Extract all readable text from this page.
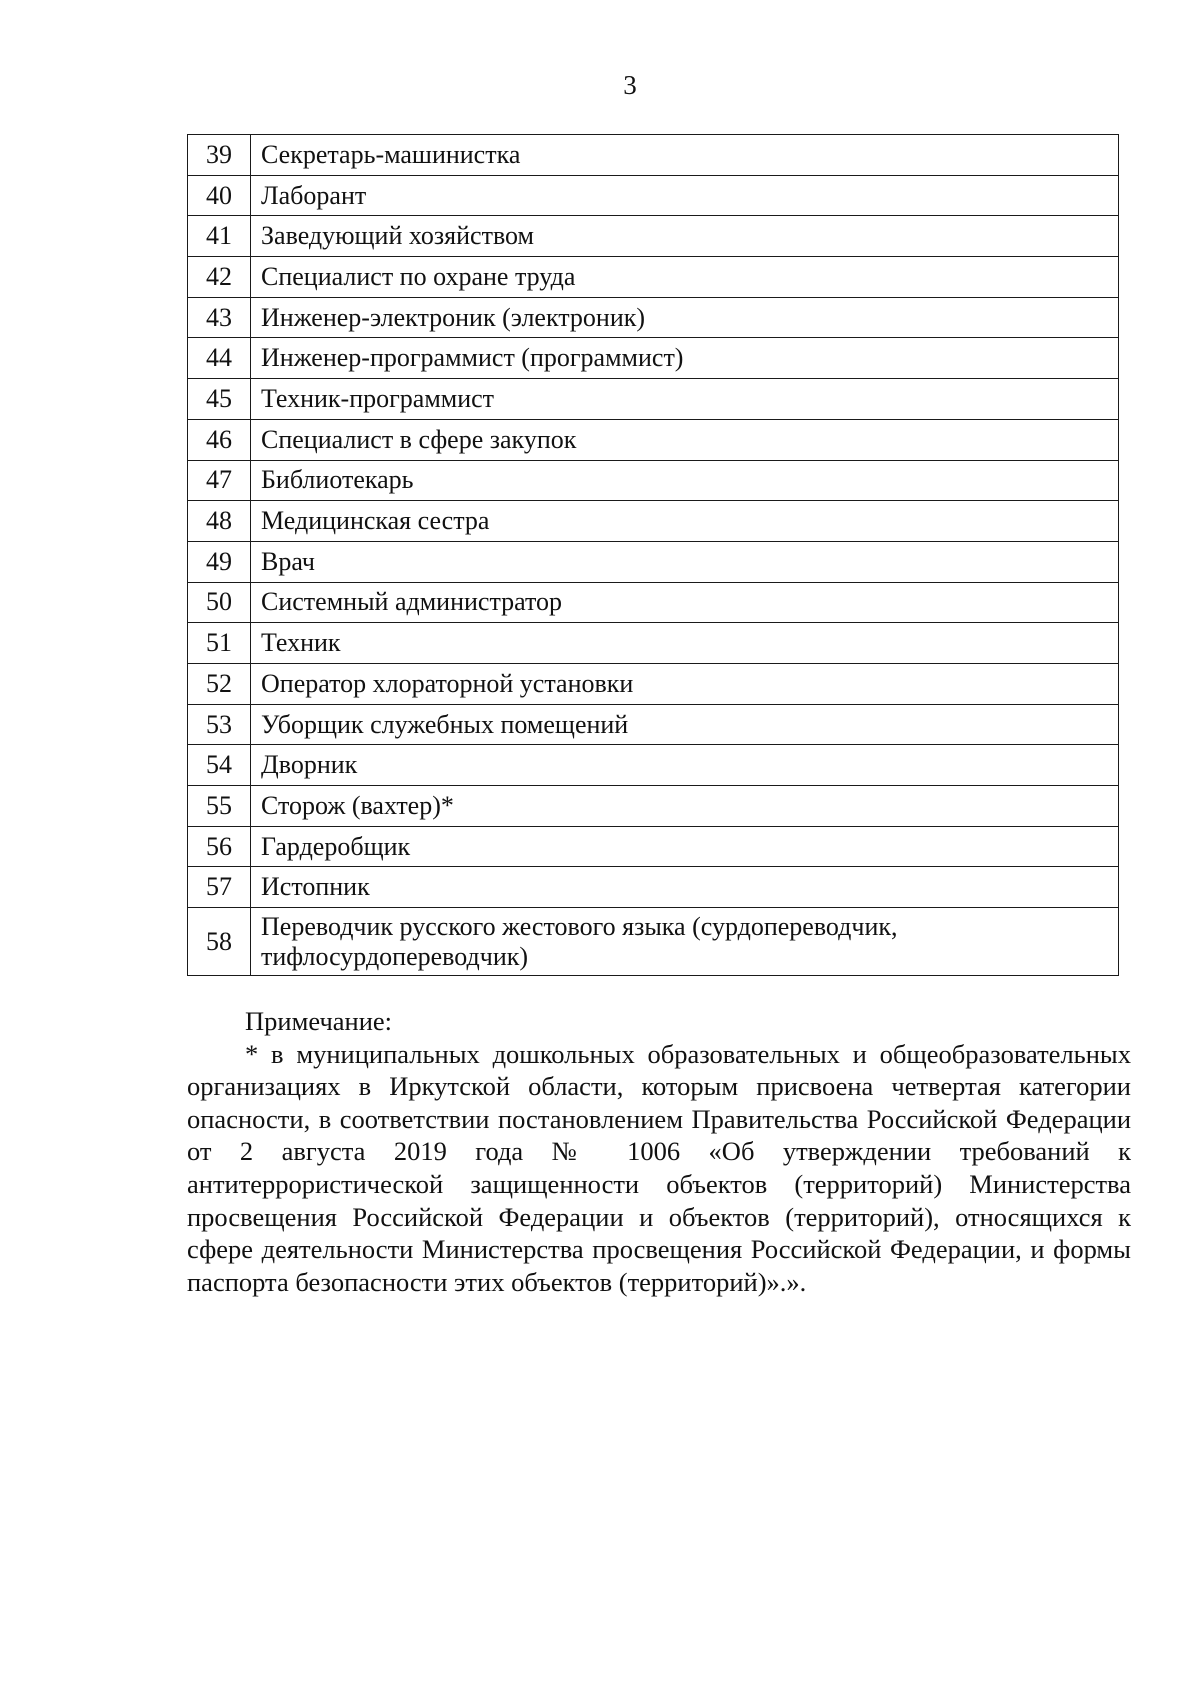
3
39	Секретарь-машинистка
40	Лаборант
41	Заведующий хозяйством
42	Специалист по охране труда
43	Инженер-электроник (электроник)
44	Инженер-программист (программист)
45	Техник-программист
46	Специалист в сфере закупок
47	Библиотекарь
48	Медицинская сестра
49	Врач
50	Системный администратор
51	Техник
52	Оператор хлораторной установки
53	Уборщик служебных помещений
54	Дворник
55	Сторож (вахтер)*
56	Гардеробщик
57	Истопник
58	Переводчик русского жестового языка (сурдопереводчик, тифлосурдопереводчик)
Примечание:

* в муниципальных дошкольных образовательных и общеобразовательных организациях в Иркутской области, которым присвоена четвертая категории опасности, в соответствии постановлением Правительства Российской Федерации от 2 августа 2019 года № 1006 «Об утверждении требований к антитеррористической защищенности объектов (территорий) Министерства просвещения Российской Федерации и объектов (территорий), относящихся к сфере деятельности Министерства просвещения Российской Федерации, и формы паспорта безопасности этих объектов (территорий)».».
